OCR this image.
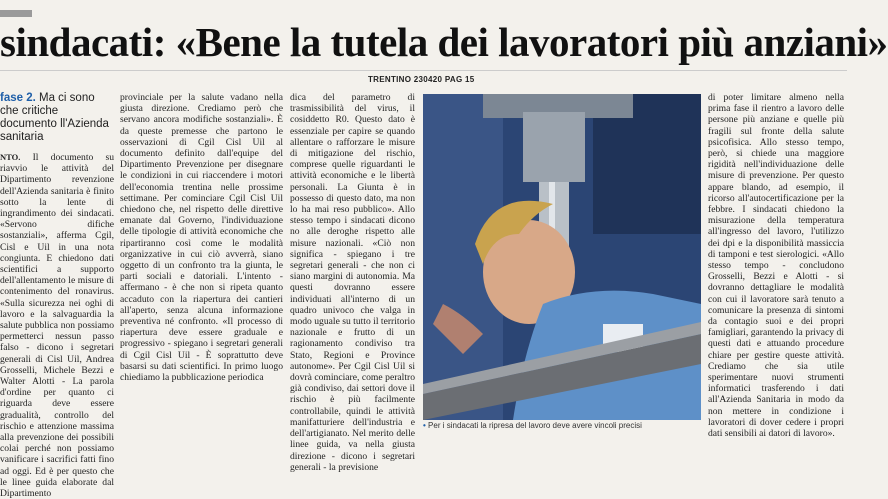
sindacati: «Bene la tutela dei lavoratori più anziani»
TRENTINO 230420 PAG 15
fase 2. Ma ci sono che critiche documento ll'Azienda sanitaria

NTO. Il documento su riavvio le attività del Dipartimento revenzione dell'Azienda sanitaria è finito sotto la lente di ingrandimento dei sindacati. «Servono difiche sostanziali», afferma Cgil, Cisl e Uil in una nota congiunta. E chiedono dati scientifici a supporto dell'allentamento le misure di contenimento del ronavirus. «Sulla sicurezza nei oghi di lavoro e la salvaguardia la salute pubblica non possiamo permetterci nessun passo falso - dicono i segretari generali di Cisl Uil, Andrea Grosselli, Michele Bezzi e Walter Alotti - La parola d'ordine per quanto ci riguarda deve essere gradualità, controllo del rischio e attenzione massima alla prevenzione dei possibili colai perché non possiamo vanificare i sacrifici fatti fino ad oggi. Ed è per questo che le linee guida elaborate dal Dipartimento

provinciale per la salute vadano nella giusta direzione. Crediamo però che servano ancora modifiche sostanziali». È da queste premesse che partono le osservazioni di Cgil Cisl Uil al documento definito dall'equipe del Dipartimento Prevenzione per disegnare le condizioni in cui riaccendere i motori dell'economia trentina nelle prossime settimane. Per cominciare Cgil Cisl Uil chiedono che, nel rispetto delle direttive emanate dal Governo, l'individuazione delle tipologie di attività economiche che ripartiranno così come le modalità organizzative in cui ciò avverrà, siano oggetto di un confronto tra la giunta, le parti sociali e datoriali. L'intento - affermano - è che non si ripeta quanto accaduto con la riapertura dei cantieri all'aperto, senza alcuna informazione preventiva né confronto. «Il processo di riapertura deve essere graduale e progressivo - spiegano i segretari generali di Cgil Cisl Uil - È soprattutto deve basarsi su dati scientifici. In primo luogo chiediamo la pubblicazione periodica

dica del parametro di trasmissibilità del virus, il cosiddetto R0. Questo dato è essenziale per capire se quando allentare o rafforzare le misure di mitigazione del rischio, comprese quelle riguardanti le attività economiche e le libertà personali. La Giunta è in possesso di questo dato, ma non lo ha mai reso pubblico». Allo stesso tempo i sindacati dicono no alle deroghe rispetto alle misure nazionali. «Ciò non significa - spiegano i tre segretari generali - che non ci siano margini di autonomia. Ma questi dovranno essere individuati all'interno di un quadro univoco che valga in modo uguale su tutto il territorio nazionale e frutto di un ragionamento condiviso tra Stato, Regioni e Province autonome». Per Cgil Cisl Uil si dovrà cominciare, come peraltro già condiviso, dai settori dove il rischio è più facilmente controllabile, quindi le attività manifatturiere dell'industria e dell'artigianato. Nel merito delle linee guida, va nella giusta direzione - dicono i segretari generali - la previsione

• Per i sindacati la ripresa del lavoro deve avere vincoli precisi

di poter limitare almeno nella prima fase il rientro a lavoro delle persone più anziane e quelle più fragili sul fronte della salute psicofisica. Allo stesso tempo, però, si chiede una maggiore rigidità nell'individuazione delle misure di prevenzione. Per questo appare blando, ad esempio, il ricorso all'autocertificazione per la febbre. I sindacati chiedono la misurazione della temperatura all'ingresso del lavoro, l'utilizzo dei dpi e la disponibilità massiccia di tamponi e test sierologici. «Allo stesso tempo - concludono Grosselli, Bezzi e Alotti - si dovranno dettagliare le modalità con cui il lavoratore sarà tenuto a comunicare la presenza di sintomi da contagio suoi e dei propri famigliari, garantendo la privacy di questi dati e attuando procedure chiare per gestire queste attività. Crediamo che sia utile sperimentare nuovi strumenti informatici trasferendo i dati all'Azienda Sanitaria in modo da non mettere in condizione i lavoratori di dover cedere i propri dati sensibili ai datori di lavoro».
